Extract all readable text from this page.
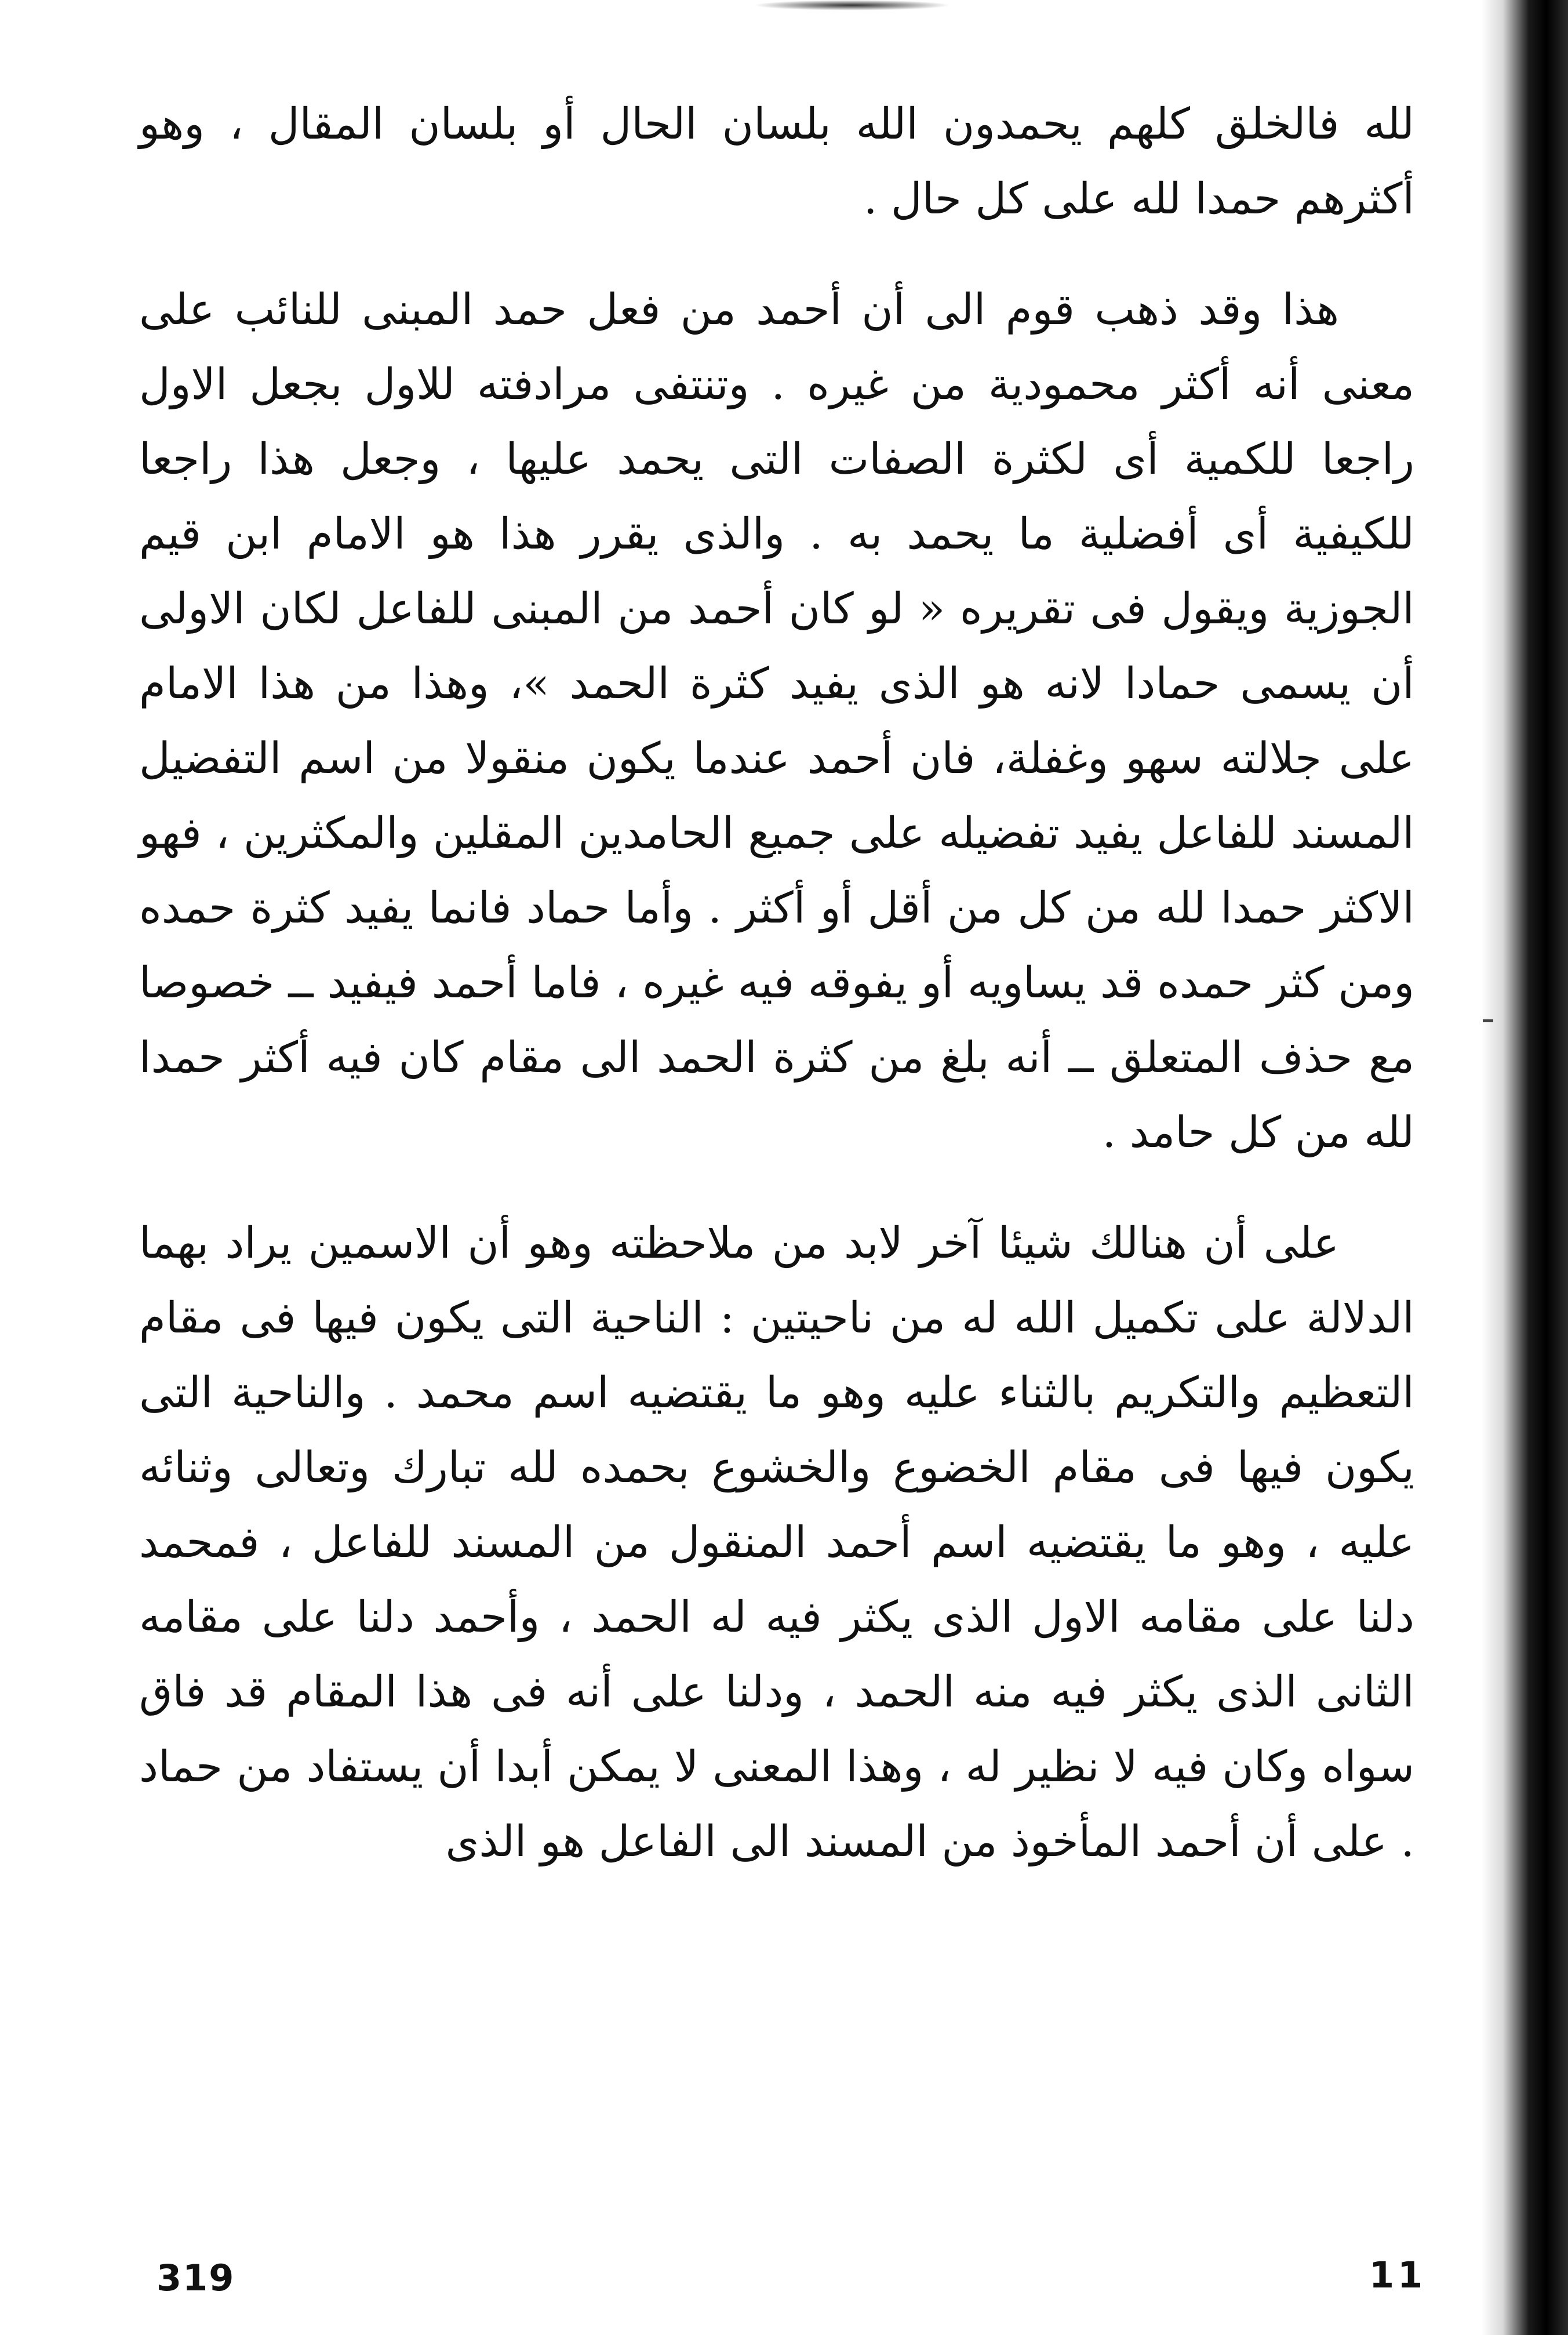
لله فالخلق كلهم يحمدون الله بلسان الحال أو بلسان المقال ، وهو أكثرهم حمدا لله على كل حال .

هذا وقد ذهب قوم الى أن أحمد من فعل حمد المبنى للنائب على معنى أنه أكثر محمودية من غيره . وتنتفى مرادفته للاول بجعل الاول راجعا للكمية أى لكثرة الصفات التى يحمد عليها ، وجعل هذا راجعا للكيفية أى أفضلية ما يحمد به . والذى يقرر هذا هو الامام ابن قيم الجوزية ويقول فى تقريره « لو كان أحمد من المبنى للفاعل لكان الاولى أن يسمى حمادا لانه هو الذى يفيد كثرة الحمد »، وهذا من هذا الامام على جلالته سهو وغفلة، فان أحمد عندما يكون منقولا من اسم التفضيل المسند للفاعل يفيد تفضيله على جميع الحامدين المقلين والمكثرين ، فهو الاكثر حمدا لله من كل من أقل أو أكثر . وأما حماد فانما يفيد كثرة حمده ومن كثر حمده قد يساويه أو يفوقه فيه غيره ، فاما أحمد فيفيد ــ خصوصا مع حذف المتعلق ــ أنه بلغ من كثرة الحمد الى مقام كان فيه أكثر حمدا لله من كل حامد .

على أن هنالك شيئا آخر لابد من ملاحظته وهو أن الاسمين يراد بهما الدلالة على تكميل الله له من ناحيتين : الناحية التى يكون فيها فى مقام التعظيم والتكريم بالثناء عليه وهو ما يقتضيه اسم محمد . والناحية التى يكون فيها فى مقام الخضوع والخشوع بحمده لله تبارك وتعالى وثنائه عليه ، وهو ما يقتضيه اسم أحمد المنقول من المسند للفاعل ، فمحمد دلنا على مقامه الاول الذى يكثر فيه له الحمد ، وأحمد دلنا على مقامه الثانى الذى يكثر فيه منه الحمد ، ودلنا على أنه فى هذا المقام قد فاق سواه وكان فيه لا نظير له ، وهذا المعنى لا يمكن أبدا أن يستفاد من حماد . على أن أحمد المأخوذ من المسند الى الفاعل هو الذى

319	11
